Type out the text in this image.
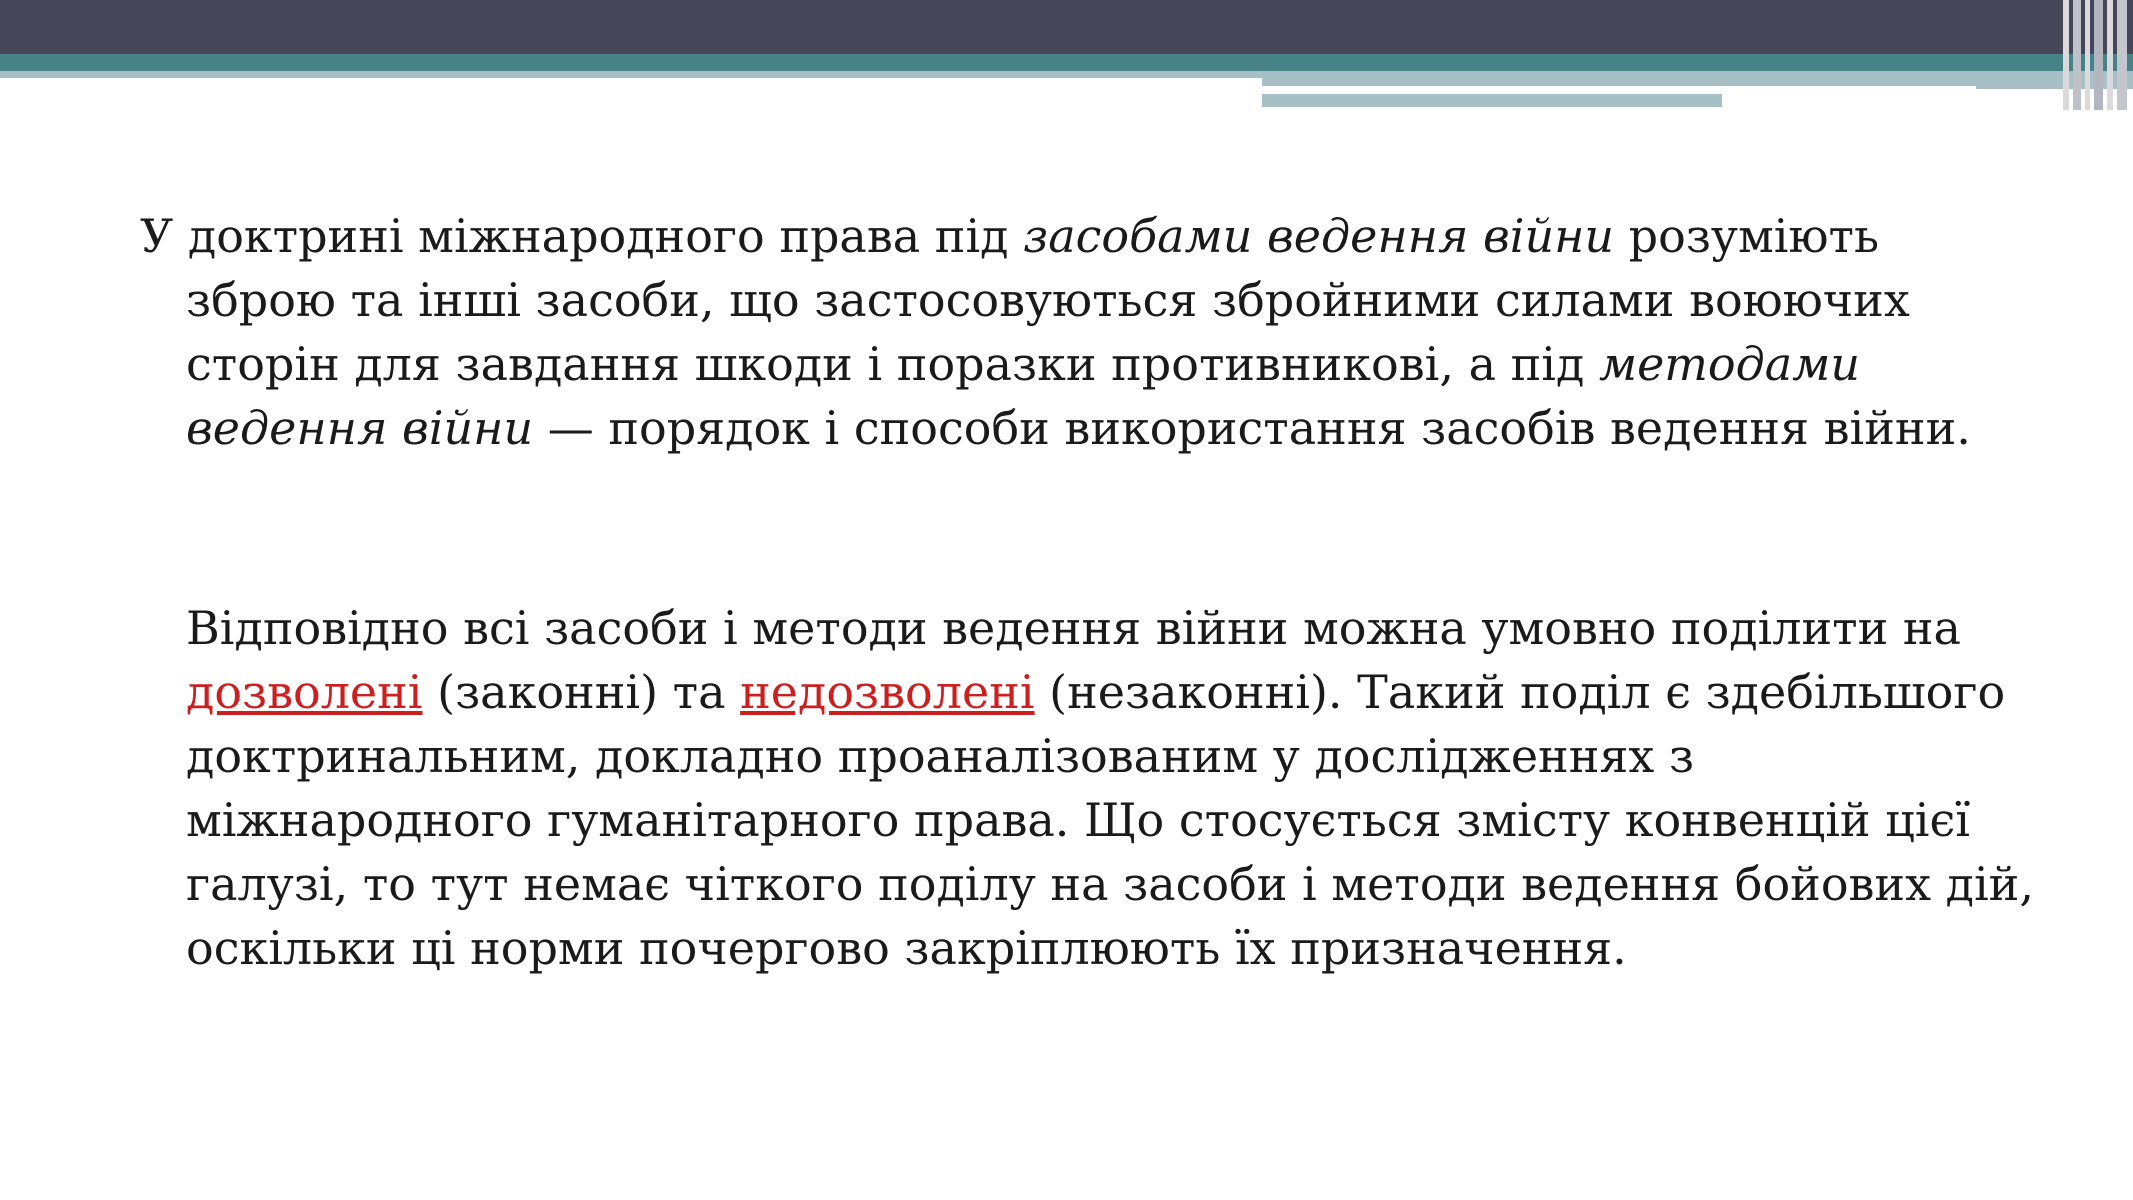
У доктрині міжнародного права під засобами ведення війни розуміють зброю та інші засоби, що застосовуються збройними силами воюючих сторін для завдання шкоди і поразки противникові, а під методами ведення війни — порядок і способи використання засобів ведення війни.

Відповідно всі засоби і методи ведення війни можна умовно поділити на дозволені (законні) та недозволені (незаконні). Такий поділ є здебільшого доктринальним, докладно проаналізованим у дослідженнях з міжнародного гуманітарного права. Що стосується змісту конвенцій цієї галузі, то тут немає чіткого поділу на засоби і методи ведення бойових дій, оскільки ці норми почергово закріплюють їх призначення.
